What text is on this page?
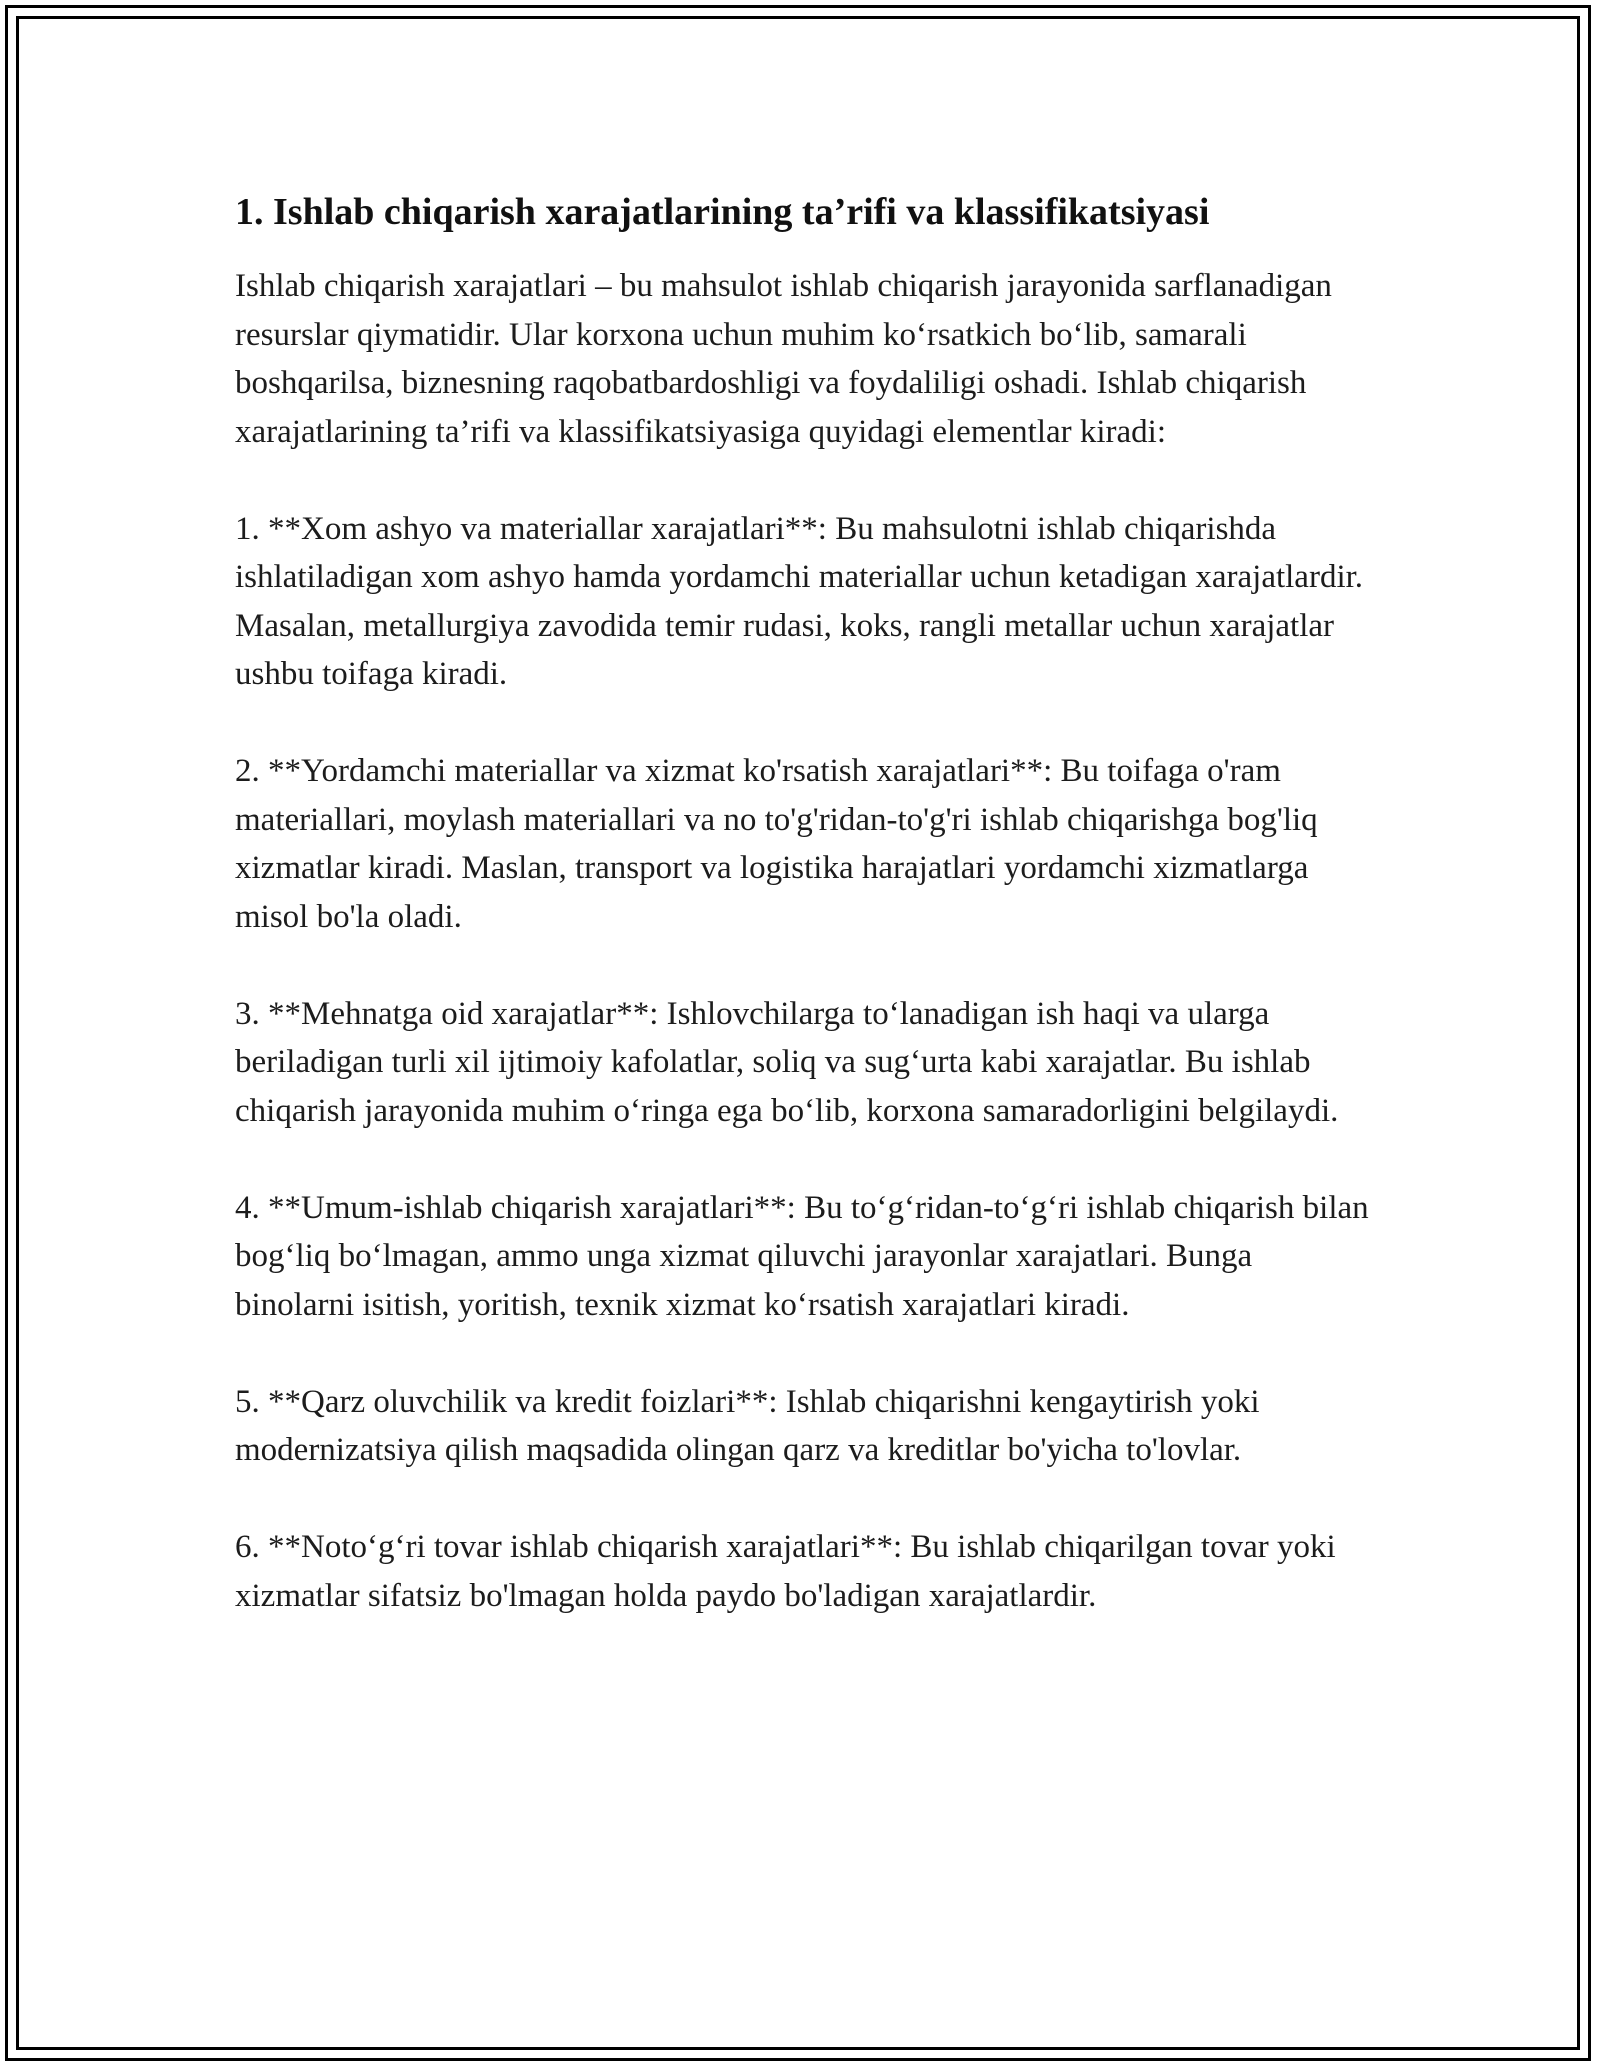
1. Ishlab chiqarish xarajatlarining ta’rifi va klassifikatsiyasi

Ishlab chiqarish xarajatlari – bu mahsulot ishlab chiqarish jarayonida sarflanadigan resurslar qiymatidir. Ular korxona uchun muhim ko‘rsatkich bo‘lib, samarali boshqarilsa, biznesning raqobatbardoshligi va foydaliligi oshadi. Ishlab chiqarish xarajatlarining ta’rifi va klassifikatsiyasiga quyidagi elementlar kiradi:

1. **Xom ashyo va materiallar xarajatlari**: Bu mahsulotni ishlab chiqarishda ishlatiladigan xom ashyo hamda yordamchi materiallar uchun ketadigan xarajatlardir. Masalan, metallurgiya zavodida temir rudasi, koks, rangli metallar uchun xarajatlar ushbu toifaga kiradi.

2. **Yordamchi materiallar va xizmat ko'rsatish xarajatlari**: Bu toifaga o'ram materiallari, moylash materiallari va no to'g'ridan-to'g'ri ishlab chiqarishga bog'liq xizmatlar kiradi. Maslan, transport va logistika harajatlari yordamchi xizmatlarga misol bo'la oladi.

3. **Mehnatga oid xarajatlar**: Ishlovchilarga to‘lanadigan ish haqi va ularga beriladigan turli xil ijtimoiy kafolatlar, soliq va sug‘urta kabi xarajatlar. Bu ishlab chiqarish jarayonida muhim o‘ringa ega bo‘lib, korxona samaradorligini belgilaydi.

4. **Umum-ishlab chiqarish xarajatlari**: Bu to‘g‘ridan-to‘g‘ri ishlab chiqarish bilan bog‘liq bo‘lmagan, ammo unga xizmat qiluvchi jarayonlar xarajatlari. Bunga binolarni isitish, yoritish, texnik xizmat ko‘rsatish xarajatlari kiradi.

5. **Qarz oluvchilik va kredit foizlari**: Ishlab chiqarishni kengaytirish yoki modernizatsiya qilish maqsadida olingan qarz va kreditlar bo'yicha to'lovlar.

6. **Noto‘g‘ri tovar ishlab chiqarish xarajatlari**: Bu ishlab chiqarilgan tovar yoki xizmatlar sifatsiz bo'lmagan holda paydo bo'ladigan xarajatlardir.
